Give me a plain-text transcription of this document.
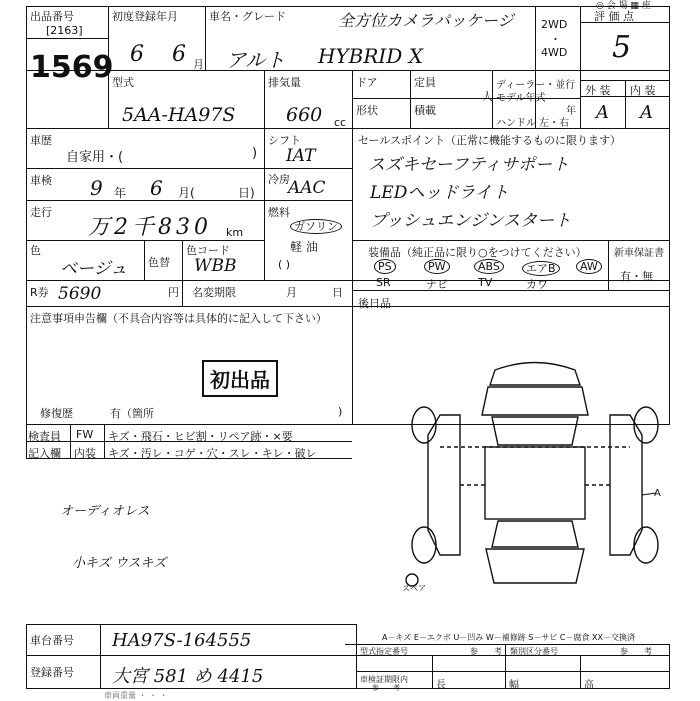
◎ 会 場 ▦ 座
出品番号
[2163]
1569
初度登録年月
6 6 月
車名・グレード	全方位カメラパッケージ
アルト HYBRID X
2WD
・
4WD
評 価 点
5
型式
5AA-HA97S
排気量
660 cc
ドア	定員
人
形状	積載
ディーラー・並行
モデル年式
年
ハンドル 左・右
外 装 内 装
A A
車歴
自家用・(	)
車検 9 年 6 月(	日)
走行
万2千830 km
色
ベージュ 色替
色コード
WBB
シフト
IAT
冷房
AAC
燃料
ガソリン
軽 油
( )
セールスポイント（正常に機能するものに限ります）
スズキセーフティサポート
LEDヘッドライト
プッシュエンジンスタート
装備品（純正品に限り○をつけてください）
PS	PW	ABS	エアB	AW
SR	ナビ	TV	カワ
新車保証書
有・無
R券 5690	円 名変期限	月	日
後日品
注意事項申告欄（不具合内容等は具体的に記入して下さい）
初出品
修復歴	有（箇所	)
検査員 FW キズ・飛石・ヒビ割・リペア跡・×要
記入欄 内装 キズ・汚レ・コゲ・穴・スレ・キレ・破レ
オーディオレス
小キズ ウスキズ
A
スペア
A－キズ E－エクボ U－凹み W－補修跡 S－サビ C－腐食 XX－交換済
車台番号 HA97S-164555
登録番号 大宮 581 め 4415
型式指定番号	参　　考 類別区分番号	参　　考
車検証期限内
参　　考	長	幅	高
車両重量 ・ ・ ・
